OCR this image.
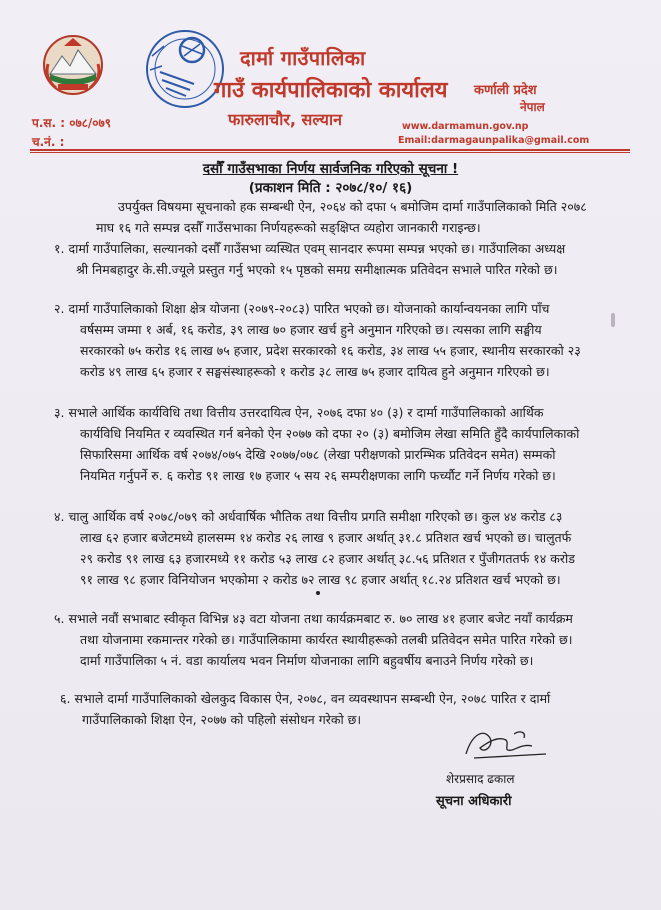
दार्मा गाउँपालिका
गाउँ कार्यपालिकाको कार्यालय कर्णाली प्रदेश
नेपाल
फारुलाचौर, सल्यान
प.स. : ०७८/०७९
च.नं. :
www.darmamun.gov.np
Email:darmagaunpalika@gmail.com
दसौँ गाउँसभाका निर्णय सार्वजनिक गरिएको सूचना !
(प्रकाशन मिति : २०७८/१०/ १६)
उपर्युक्त विषयमा सूचनाको हक सम्बन्धी ऐन, २०६४ को दफा ५ बमोजिम दार्मा गाउँपालिकाको मिति २०७८
माघ १६ गते सम्पन्न दसौँ गाउँसभाका निर्णयहरूको सङ्क्षिप्त व्यहोरा जानकारी गराइन्छ।
१. दार्मा गाउँपालिका, सल्यानको दसौँ गाउँसभा व्यस्थित एवम् सानदार रूपमा सम्पन्न भएको छ। गाउँपालिका अध्यक्ष
श्री निमबहादुर के.सी.ज्यूले प्रस्तुत गर्नु भएको १५ पृष्ठको समग्र समीक्षात्मक प्रतिवेदन सभाले पारित गरेको छ।
२. दार्मा गाउँपालिकाको शिक्षा क्षेत्र योजना (२०७९-२०८३) पारित भएको छ। योजनाको कार्यान्वयनका लागि पाँच
वर्षसम्म जम्मा १ अर्ब, १६ करोड, ३९ लाख ७० हजार खर्च हुने अनुमान गरिएको छ। त्यसका लागि सङ्घीय
सरकारको ७५ करोड १६ लाख ७५ हजार, प्रदेश सरकारको १६ करोड, ३४ लाख ५५ हजार, स्थानीय सरकारको २३
करोड ४९ लाख ६५ हजार र सङ्घसंस्थाहरूको १ करोड ३८ लाख ७५ हजार दायित्व हुने अनुमान गरिएको छ।
३. सभाले आर्थिक कार्यविधि तथा वित्तीय उत्तरदायित्व ऐन, २०७६ दफा ४० (३) र दार्मा गाउँपालिकाको आर्थिक
कार्यविधि नियमित र व्यवस्थित गर्न बनेको ऐन २०७७ को दफा २० (३) बमोजिम लेखा समिति हुँदै कार्यपालिकाको
सिफारिसमा आर्थिक वर्ष २०७४/०७५ देखि २०७७/०७८ (लेखा परीक्षणको प्रारम्भिक प्रतिवेदन समेत) सम्मको
नियमित गर्नुपर्ने रु. ६ करोड ९१ लाख १७ हजार ५ सय २६ सम्परीक्षणका लागि फर्च्यौट गर्ने निर्णय गरेको छ।
४. चालु आर्थिक वर्ष २०७८/०७९ को अर्धवार्षिक भौतिक तथा वित्तीय प्रगति समीक्षा गरिएको छ। कुल ४४ करोड ८३
लाख ६२ हजार बजेटमध्ये हालसम्म १४ करोड २६ लाख ९ हजार अर्थात् ३१.८ प्रतिशत खर्च भएको छ। चालुतर्फ
२९ करोड ९१ लाख ६३ हजारमध्ये ११ करोड ५३ लाख ८२ हजार अर्थात् ३८.५६ प्रतिशत र पुँजीगततर्फ १४ करोड
९१ लाख ९८ हजार विनियोजन भएकोमा २ करोड ७२ लाख ९८ हजार अर्थात् १८.२४ प्रतिशत खर्च भएको छ।
५. सभाले नवौं सभाबाट स्वीकृत विभिन्न ४३ वटा योजना तथा कार्यक्रमबाट रु. ७० लाख ४१ हजार बजेट नयाँ कार्यक्रम
तथा योजनामा रकमान्तर गरेको छ। गाउँपालिकामा कार्यरत स्थायीहरूको तलबी प्रतिवेदन समेत पारित गरेको छ।
दार्मा गाउँपालिका ५ नं. वडा कार्यालय भवन निर्माण योजनाका लागि बहुवर्षीय बनाउने निर्णय गरेको छ।
६. सभाले दार्मा गाउँपालिकाको खेलकुद विकास ऐन, २०७८, वन व्यवस्थापन सम्बन्धी ऐन, २०७८ पारित र दार्मा
गाउँपालिकाको शिक्षा ऐन, २०७७ को पहिलो संसोधन गरेको छ।
शेरप्रसाद ढकाल
सूचना अधिकारी
